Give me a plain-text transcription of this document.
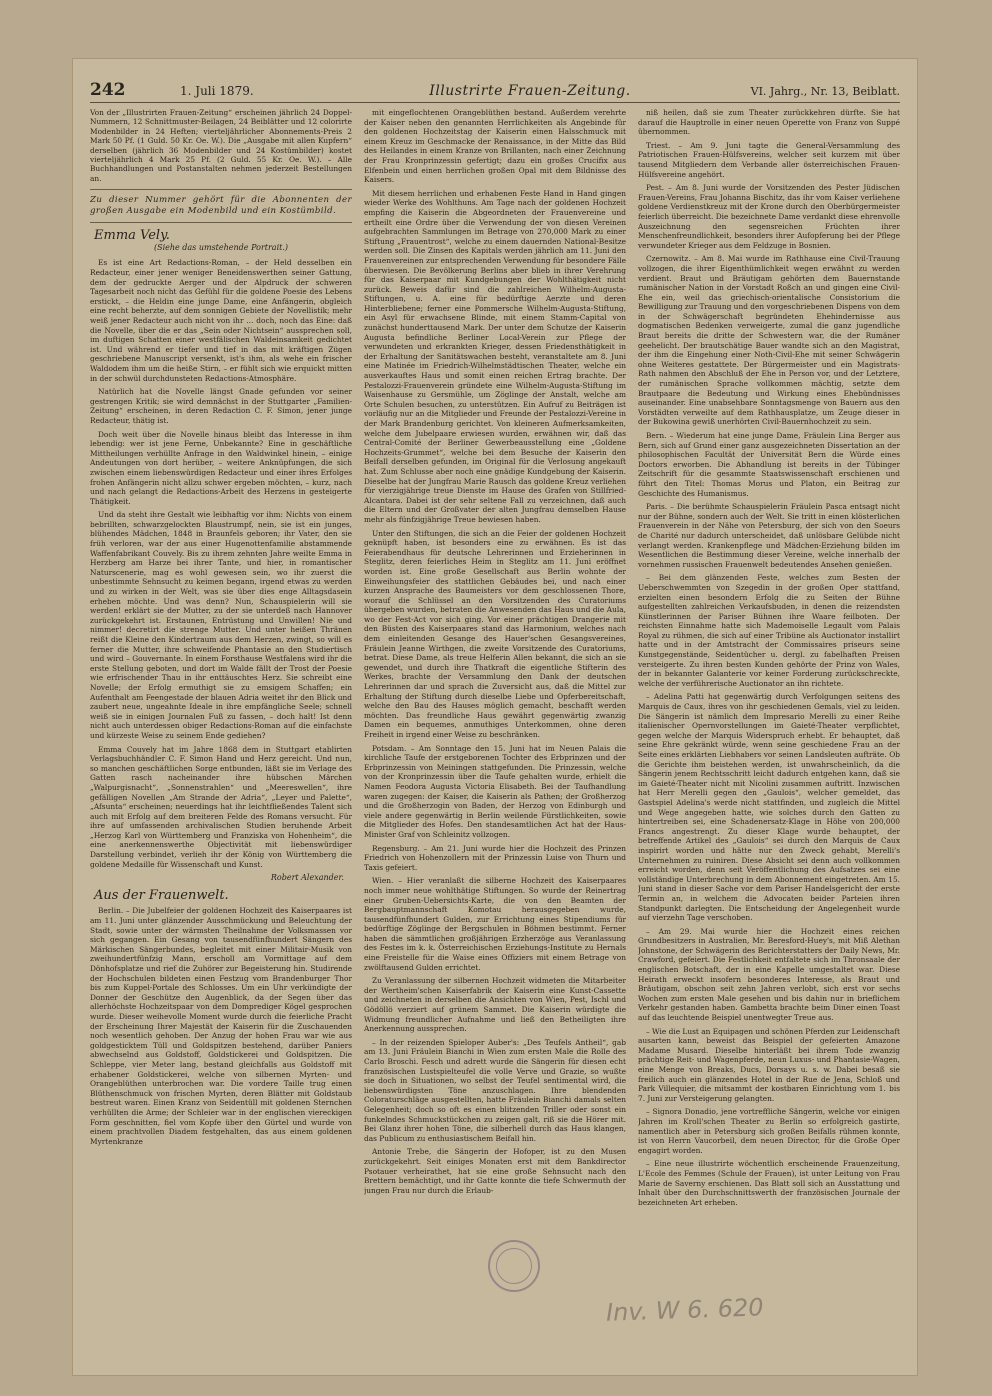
242	1. Juli 1879.	Illustrirte Frauen-Zeitung.	VI. Jahrg., Nr. 13, Beiblatt.

Von der „Illustrirten Frauen-Zeitung“ erscheinen jährlich 24 Doppel-Nummern, 12 Schnittmuster-Beilagen, 24 Beiblätter und 12 colorirte Modenbilder in 24 Heften; vierteljährlicher Abonnements-Preis 2 Mark 50 Pf. (1 Guld. 50 Kr. Oe. W.). Die „Ausgabe mit allen Kupfern“ derselben (jährlich 36 Modenbilder und 24 Kostümbilder) kostet vierteljährlich 4 Mark 25 Pf. (2 Guld. 55 Kr. Oe. W.). – Alle Buchhandlungen und Postanstalten nehmen jederzeit Bestellungen an.

Zu dieser Nummer gehört für die Abonnenten der großen Ausgabe ein Modenbild und ein Kostümbild.
Emma Vely.
(Siehe das umstehende Portrait.)

Es ist eine Art Redactions-Roman, – der Held desselben ein Redacteur, einer jener weniger Beneidenswerthen seiner Gattung, dem der gedruckte Aerger und der Alpdruck der schweren Tagesarbeit noch nicht das Gefühl für die goldene Poesie des Lebens erstickt, – die Heldin eine junge Dame, eine Anfängerin, obgleich eine recht beherzte, auf dem sonnigen Gebiete der Novellistik; mehr weiß jener Redacteur auch nicht von ihr … doch, noch das Eine: daß die Novelle, über die er das „Sein oder Nichtsein“ aussprechen soll, im duftigen Schatten einer westfälischen Waldeinsamkeit gedichtet ist. Und während er tiefer und tief in das mit kräftigen Zügen geschriebene Manuscript versenkt, ist's ihm, als wehe ein frischer Waldodem ihm um die heiße Stirn, – er fühlt sich wie erquickt mitten in der schwül durchdunsteten Redactions-Atmosphäre.

Natürlich hat die Novelle längst Gnade gefunden vor seiner gestrengen Kritik; sie wird demnächst in der Stuttgarter „Familien-Zeitung“ erscheinen, in deren Redaction C. F. Simon, jener junge Redacteur, thätig ist.

Doch weit über die Novelle hinaus bleibt das Interesse in ihm lebendig: wer ist jene Ferne, Unbekannte? Eine in geschäftliche Mittheilungen verhüllte Anfrage in den Waldwinkel hinein, – einige Andeutungen von dort herüber, – weitere Anknüpfungen, die sich zwischen einem liebenswürdigen Redacteur und einer ihres Erfolges frohen Anfängerin nicht allzu schwer ergeben möchten, – kurz, nach und nach gelangt die Redactions-Arbeit des Herzens in gesteigerte Thätigkeit.

Und da steht ihre Gestalt wie leibhaftig vor ihm: Nichts von einem bebrillten, schwarzgelockten Blaustrumpf, nein, sie ist ein junges, blühendes Mädchen, 1848 in Braunfels geboren; ihr Vater, den sie früh verloren, war der aus einer Hugenottenfamilie abstammende Waffenfabrikant Couvely. Bis zu ihrem zehnten Jahre weilte Emma in Herzberg am Harze bei ihrer Tante, und hier, in romantischer Naturscenerie, mag es wohl gewesen sein, wo ihr zuerst die unbestimmte Sehnsucht zu keimen begann, irgend etwas zu werden und zu wirken in der Welt, was sie über dies enge Alltagsdasein erheben möchte. Und was denn? Nun, Schauspielerin will sie werden! erklärt sie der Mutter, zu der sie unterdeß nach Hannover zurückgekehrt ist. Erstaunen, Entrüstung und Unwillen! Nie und nimmer! decretirt die strenge Mutter. Und unter heißen Thränen reißt die Kleine den Kindertraum aus dem Herzen, zwingt, so will es ferner die Mutter, ihre schweifende Phantasie an den Studiertisch und wird – Gouvernante. In einem Forsthause Westfalens wird ihr die erste Stellung geboten, und dort im Walde fällt der Trost der Poesie wie erfrischender Thau in ihr enttäuschtes Herz. Sie schreibt eine Novelle; der Erfolg ermuthigt sie zu emsigem Schaffen; ein Aufenthalt am Feengestade der blauen Adria weitet ihr den Blick und zaubert neue, ungeahnte Ideale in ihre empfängliche Seele; schnell weiß sie in einigen Journalen Fuß zu fassen, – doch halt! Ist denn nicht auch unterdessen obiger Redactions-Roman auf die einfachste und kürzeste Weise zu seinem Ende gediehen?

Emma Couvely hat im Jahre 1868 dem in Stuttgart etablirten Verlagsbuchhändler C. F. Simon Hand und Herz gereicht. Und nun, so manchen geschäftlichen Sorge entbunden, läßt sie im Verlage des Gatten rasch nacheinander ihre hübschen Märchen „Walpurgisnacht“, „Sonnenstrahlen“ und „Meereswellen“, ihre gefälligen Novellen „Am Strande der Adria“, „Leyer und Palette“, „Afsunta“ erscheinen; neuerdings hat ihr leichtfließendes Talent sich auch mit Erfolg auf dem breiteren Felde des Romans versucht. Für ihre auf umfassenden archivalischen Studien beruhende Arbeit „Herzog Karl von Württemberg und Franziska von Hohenheim“, die eine anerkennenswerthe Objectivität mit liebenswürdiger Darstellung verbindet, verlieh ihr der König von Württemberg die goldene Medaille für Wissenschaft und Kunst.

Robert Alexander.
Aus der Frauenwelt.

Berlin. – Die Jubelfeier der goldenen Hochzeit des Kaiserpaares ist am 11. Juni unter glänzender Ausschmückung und Beleuchtung der Stadt, sowie unter der wärmsten Theilnahme der Volksmassen vor sich gegangen. Ein Gesang von tausendfünfhundert Sängern des Märkischen Sängerbundes, begleitet mit einer Militair-Musik von zweihundertfünfzig Mann, erscholl am Vormittage auf dem Dönhofsplatze und rief die Zuhörer zur Begeisterung hin. Studirende der Hochschulen bildeten einen Festzug vom Brandenburger Thor bis zum Kuppel-Portale des Schlosses. Um ein Uhr verkündigte der Donner der Geschütze den Augenblick, da der Segen über das allerhöchste Hochzeitspaar von dem Domprediger Kögel gesprochen wurde. Dieser weihevolle Moment wurde durch die feierliche Pracht der Erscheinung Ihrer Majestät der Kaiserin für die Zuschauenden noch wesentlich gehoben. Der Anzug der hohen Frau war wie aus goldgesticktem Tüll und Goldspitzen bestehend, darüber Paniers abwechselnd aus Goldstoff, Goldstickerei und Goldspitzen. Die Schleppe, vier Meter lang, bestand gleichfalls aus Goldstoff mit erhabener Goldstickerei, welche von silbernen Myrten- und Orangeblüthen unterbrochen war. Die vordere Taille trug einen Blüthenschmuck von frischen Myrten, deren Blätter mit Goldstaub bestreut waren. Einen Kranz von Seidentüll mit goldenen Sternchen verhüllten die Arme; der Schleier war in der englischen viereckigen Form geschnitten, fiel vom Kopfe über den Gürtel und wurde von einem prachtvollen Diadem festgehalten, das aus einem goldenen Myrtenkranze

mit eingeflochtenen Orangeblüthen bestand. Außerdem verehrte der Kaiser neben den genannten Herrlichkeiten als Angebinde für den goldenen Hochzeitstag der Kaiserin einen Halsschmuck mit einem Kreuz im Geschmacke der Renaissance, in der Mitte das Bild des Heilandes in einem Kranze von Brillanten, nach einer Zeichnung der Frau Kronprinzessin gefertigt; dazu ein großes Crucifix aus Elfenbein und einen herrlichen großen Opal mit dem Bildnisse des Kaisers.

Mit diesem herrlichen und erhabenen Feste Hand in Hand gingen wieder Werke des Wohlthuns. Am Tage nach der goldenen Hochzeit empfing die Kaiserin die Abgeordneten der Frauenvereine und ertheilt eine Ordre über die Verwendung der von diesen Vereinen aufgebrachten Sammlungen im Betrage von 270,000 Mark zu einer Stiftung „Frauentrost“, welche zu einem dauernden National-Besitze werden soll. Die Zinsen des Kapitals werden jährlich am 11. Juni den Frauenvereinen zur entsprechenden Verwendung für besondere Fälle überwiesen. Die Bevölkerung Berlins aber blieb in ihrer Verehrung für das Kaiserpaar mit Kundgebungen der Wohlthätigkeit nicht zurück. Beweis dafür sind die zahlreichen Wilhelm-Augusta-Stiftungen, u. A. eine für bedürftige Aerzte und deren Hinterbliebene; ferner eine Pommersche Wilhelm-Augusta-Stiftung, ein Asyl für erwachsene Blinde, mit einem Stamm-Capital von zunächst hunderttausend Mark. Der unter dem Schutze der Kaiserin Augusta befindliche Berliner Local-Verein zur Pflege der verwundeten und erkrankten Krieger, dessen Friedensthätigkeit in der Erhaltung der Sanitätswachen besteht, veranstaltete am 8. Juni eine Matinée im Friedrich-Wilhelmstädtischen Theater, welche ein ausverkauftes Haus und somit einen reichen Ertrag brachte. Der Pestalozzi-Frauenverein gründete eine Wilhelm-Augusta-Stiftung im Waisenhause zu Gersmühle, um Zöglinge der Anstalt, welche am Orte Schulen besuchen, zu unterstützen. Ein Aufruf zu Beiträgen ist vorläufig nur an die Mitglieder und Freunde der Pestalozzi-Vereine in der Mark Brandenburg gerichtet. Von kleineren Aufmerksamkeiten, welche dem Jubelpaare erwiesen wurden, erwähnen wir, daß das Central-Comité der Berliner Gewerbeausstellung eine „Goldene Hochzeits-Grummet“, welche bei dem Besuche der Kaiserin den Beifall derselben gefunden, im Original für die Verlosung angekauft hat. Zum Schlusse aber noch eine gnädige Kundgebung der Kaiserin. Dieselbe hat der Jungfrau Marie Rausch das goldene Kreuz verliehen für vierzigjährige treue Dienste im Hause des Grafen von Stillfried-Alcantara. Dabei ist der sehr seltene Fall zu verzeichnen, daß auch die Eltern und der Großvater der alten Jungfrau demselben Hause mehr als fünfzigjährige Treue bewiesen haben.

Unter den Stiftungen, die sich an die Feier der goldenen Hochzeit geknüpft haben, ist besonders eine zu erwähnen. Es ist das Feierabendhaus für deutsche Lehrerinnen und Erzieherinnen in Steglitz, deren feierliches Heim in Steglitz am 11. Juni eröffnet worden ist. Eine große Gesellschaft aus Berlin wohnte der Einweihungsfeier des stattlichen Gebäudes bei, und nach einer kurzen Ansprache des Baumeisters vor dem geschlossenen Thore, worauf die Schlüssel an den Vorsitzenden des Curatoriums übergeben wurden, betraten die Anwesenden das Haus und die Aula, wo der Fest-Act vor sich ging. Vor einer prächtigen Drangerie mit den Büsten des Kaiserpaares stand das Harmonium, welches nach dem einleitenden Gesange des Hauer'schen Gesangsvereines, Fräulein Jeanne Wirthgen, die zweite Vorsitzende des Curatoriums, betrat. Diese Dame, als treue Helferin Allen bekannt, die sich an sie gewendet, und durch ihre Thatkraft die eigentliche Stifterin des Werkes, brachte der Versammlung den Dank der deutschen Lehrerinnen dar und sprach die Zuversicht aus, daß die Mittel zur Erhaltung der Stiftung durch dieselbe Liebe und Opferbereitschaft, welche den Bau des Hauses möglich gemacht, beschafft werden möchten. Das freundliche Haus gewährt gegenwärtig zwanzig Damen ein bequemes, anmuthiges Unterkommen, ohne deren Freiheit in irgend einer Weise zu beschränken.

Potsdam. – Am Sonntage den 15. Juni hat im Neuen Palais die kirchliche Taufe der erstgeborenen Tochter des Erbprinzen und der Erbprinzessin von Meiningen stattgefunden. Die Prinzessin, welche von der Kronprinzessin über die Taufe gehalten wurde, erhielt die Namen Feodora Augusta Victoria Elisabeth. Bei der Taufhandlung waren zugegen: der Kaiser, die Kaiserin als Pathen; der Großherzog und die Großherzogin von Baden, der Herzog von Edinburgh und viele andere gegenwärtig in Berlin weilende Fürstlichkeiten, sowie die Mitglieder des Hofes. Den standesamtlichen Act hat der Haus-Minister Graf von Schleinitz vollzogen.

Regensburg. – Am 21. Juni wurde hier die Hochzeit des Prinzen Friedrich von Hohenzollern mit der Prinzessin Luise von Thurn und Taxis gefeiert.

Wien. – Hier veranlaßt die silberne Hochzeit des Kaiserpaares noch immer neue wohlthätige Stiftungen. So wurde der Reinertrag einer Gruben-Uebersichts-Karte, die von den Beamten der Bergbauptmannschaft Komotau herausgegeben wurde, tausendfünfhundert Gulden, zur Errichtung eines Stipendiums für bedürftige Zöglinge der Bergschulen in Böhmen bestimmt. Ferner haben die sämmtlichen großjährigen Erzherzöge aus Veranlassung des Festes im k. k. Österreichischen Erziehungs-Institute zu Hernals eine Freistelle für die Waise eines Offiziers mit einem Betrage von zwölftausend Gulden errichtet.

Zu Veranlassung der silbernen Hochzeit widmeten die Mitarbeiter der Wertheim'schen Kaiserfabrik der Kaiserin eine Kunst-Cassette und zeichneten in derselben die Ansichten von Wien, Pest, Ischl und Gödöllö verziert auf grünem Sammet. Die Kaiserin würdigte die Widmung freundlicher Aufnahme und ließ den Betheiligten ihre Anerkennung aussprechen.

– In der reizenden Spieloper Auber's: „Des Teufels Antheil“, gab am 13. Juni Fräulein Bianchi in Wien zum ersten Male die Rolle des Carlo Broschi. Fesch und adrett wurde die Sängerin für diesen echt französischen Lustspielteufel die volle Verve und Grazie, so wußte sie doch in Situationen, wo selbst der Teufel sentimental wird, die liebenswürdigsten Töne anzuschlagen. Ihre blendenden Coloraturschläge ausgestellten, hatte Fräulein Bianchi damals selten Gelegenheit; doch so oft es einen blitzenden Triller oder sonst ein funkelndes Schmuckstückchen zu zeigen galt, riß sie die Hörer mit. Bei Glanz ihrer hohen Töne, die silberhell durch das Haus klangen, das Publicum zu enthusiastischem Beifall hin.

Antonie Trebe, die Sängerin der Hofoper, ist zu den Musen zurückgekehrt. Seit einiges Monaten erst mit dem Bankdirector Psotauer verheirathet, hat sie eine große Sehnsucht nach den Brettern bemächtigt, und ihr Gatte konnte die tiefe Schwermuth der jungen Frau nur durch die Erlaub-

niß heilen, daß sie zum Theater zurückkehren dürfte. Sie hat darauf die Hauptrolle in einer neuen Operette von Franz von Suppé übernommen.

Triest. – Am 9. Juni tagte die General-Versammlung des Patriotischen Frauen-Hülfsvereins, welcher seit kurzem mit über tausend Mitgliedern dem Verbande aller österreichischen Frauen-Hülfsvereine angehört.

Pest. – Am 8. Juni wurde der Vorsitzenden des Pester Jüdischen Frauen-Vereins, Frau Johanna Bischitz, das ihr vom Kaiser verliehene goldene Verdienstkreuz mit der Krone durch den Oberbürgermeister feierlich überreicht. Die bezeichnete Dame verdankt diese ehrenvolle Auszeichnung den segensreichen Früchten ihrer Menschenfreundlichkeit, besonders ihrer Aufopferung bei der Pflege verwundeter Krieger aus dem Feldzuge in Bosnien.

Czernowitz. – Am 8. Mai wurde im Rathhause eine Civil-Trauung vollzogen, die ihrer Eigenthümlichkeit wegen erwähnt zu werden verdient. Braut und Bräutigam gehörten dem Bauernstande rumänischer Nation in der Vorstadt Roßch an und gingen eine Civil-Ehe ein, weil das griechisch-orientalische Consistorium die Bewilligung zur Trauung und den vorgeschriebenen Dispens von dem in der Schwägerschaft begründeten Ehehindernisse aus dogmatischen Bedenken verweigerte, zumal die ganz jugendliche Braut bereits die dritte der Schwestern war, die der Rumäner geehelicht. Der brautschätige Bauer wandte sich an den Magistrat, der ihm die Eingehung einer Noth-Civil-Ehe mit seiner Schwägerin ohne Weiteres gestattete. Der Bürgermeister und ein Magistrats-Rath nahmen den Abschluß der Ehe in Person vor, und der Letztere, der rumänischen Sprache vollkommen mächtig, setzte dem Brautpaare die Bedeutung und Wirkung eines Ehebündnisses auseinander. Eine unabsehbare Sonntagsmenge von Bauern aus den Vorstädten verweilte auf dem Rathhausplatze, um Zeuge dieser in der Bukowina gewiß unerhörten Civil-Bauernhochzeit zu sein.

Bern. – Wiederum hat eine junge Dame, Fräulein Lina Berger aus Bern, sich auf Grund einer ganz ausgezeichneten Dissertation an der philosophischen Facultät der Universität Bern die Würde eines Doctors erworben. Die Abhandlung ist bereits in der Tübinger Zeitschrift für die gesammte Staatswissenschaft erschienen und führt den Titel: Thomas Morus und Platon, ein Beitrag zur Geschichte des Humanismus.

Paris. – Die berühmte Schauspielerin Fräulein Pasca entsagt nicht nur der Bühne, sondern auch der Welt. Sie tritt in einen klösterlichen Frauenverein in der Nähe von Petersburg, der sich von den Soeurs de Charité nur dadurch unterscheidet, daß unlösbare Gelübde nicht verlangt werden. Krankenpflege und Mädchen-Erziehung bilden im Wesentlichen die Bestimmung dieser Vereine, welche innerhalb der vornehmen russischen Frauenwelt bedeutendes Ansehen genießen.

– Bei dem glänzenden Feste, welches zum Besten der Ueberschwemmten von Szegedin in der großen Oper stattfand, erzielten einen besondern Erfolg die zu Seiten der Bühne aufgestellten zahlreichen Verkaufsbuden, in denen die reizendsten Künstlerinnen der Pariser Bühnen ihre Waare feilboten. Der reichsten Einnahme hatte sich Mademoiselle Legault vom Palais Royal zu rühmen, die sich auf einer Tribüne als Auctionator installirt hatte und in der Amtstracht der Commissaires priseurs seine Kunstgegenstände, Seidentücher u. dergl. zu fabelhaften Preisen versteigerte. Zu ihren besten Kunden gehörte der Prinz von Wales, der in bekannter Galanterie vor keiner Forderung zurückschreckte, welche der verführerische Auctionator an ihn richtete.

– Adelina Patti hat gegenwärtig durch Verfolgungen seitens des Marquis de Caux, ihres von ihr geschiedenen Gemals, viel zu leiden. Die Sängerin ist nämlich dem Impresario Merelli zu einer Reihe italienischer Opernvorstellungen im Gaieté-Theater verpflichtet, gegen welche der Marquis Widerspruch erhebt. Er behauptet, daß seine Ehre gekränkt würde, wenn seine geschiedene Frau an der Seite eines erklärten Liebhabers vor seinen Landsleuten aufträte. Ob die Gerichte ihm beistehen werden, ist unwahrscheinlich, da die Sängerin jenem Rechtsschritt leicht dadurch entgehen kann, daß sie im Gaieté-Theater nicht mit Nicolini zusammen auftritt. Inzwischen hat Herr Merelli gegen den „Gaulois“, welcher gemeldet, das Gastspiel Adelina's werde nicht stattfinden, und zugleich die Mittel und Wege angegeben hatte, wie solches durch den Gatten zu hintertreiben sei, eine Schadenersatz-Klage in Höhe von 200,000 Francs angestrengt. Zu dieser Klage wurde behauptet, der betreffende Artikel des „Gaulois“ sei durch den Marquis de Caux inspirirt worden und hätte nur den Zweck gehabt, Merelli's Unternehmen zu ruiniren. Diese Absicht sei denn auch vollkommen erreicht worden, denn seit Veröffentlichung des Aufsatzes sei eine vollständige Unterbrechung in dem Abonnement eingetreten. Am 15. Juni stand in dieser Sache vor dem Pariser Handelsgericht der erste Termin an, in welchem die Advocaten beider Parteien ihren Standpunkt darlegten. Die Entscheidung der Angelegenheit wurde auf vierzehn Tage verschoben.

– Am 29. Mai wurde hier die Hochzeit eines reichen Grundbesitzers in Australien, Mr. Beresford-Huey's, mit Miß Alethan Johnstone, der Schwägerin des Berichterstatters der Daily News, Mr. Crawford, gefeiert. Die Festlichkeit entfaltete sich im Thronsaale der englischen Botschaft, der in eine Kapelle umgestaltet war. Diese Heirath erweckt insofern besonderes Interesse, als Braut und Bräutigam, obschon seit zehn Jahren verlobt, sich erst vor sechs Wochen zum ersten Male gesehen und bis dahin nur in brieflichem Verkehr gestanden haben. Gambetta brachte beim Diner einen Toast auf das leuchtende Beispiel unentwegter Treue aus.

– Wie die Lust an Equipagen und schönen Pferden zur Leidenschaft ausarten kann, beweist das Beispiel der gefeierten Amazone Madame Musard. Dieselbe hinterläßt bei ihrem Tode zwanzig prächtige Reit- und Wagenpferde, neun Luxus- und Phantasie-Wagen, eine Menge von Breaks, Ducs, Dorsays u. s. w. Dabei besaß sie freilich auch ein glänzendes Hotel in der Rue de Jena, Schloß und Park Villequier, die mitsammt der kostbaren Einrichtung vom 1. bis 7. Juni zur Versteigerung gelangten.

– Signora Donadio, jene vortreffliche Sängerin, welche vor einigen Jahren im Kroll'schen Theater zu Berlin so erfolgreich gastirte, namentlich aber in Petersburg sich großen Beifalls rühmen konnte, ist von Herrn Vaucorbeil, dem neuen Director, für die Große Oper engagirt worden.

– Eine neue illustrirte wöchentlich erscheinende Frauenzeitung, L'Ecole des Femmes (Schule der Frauen), ist unter Leitung von Frau Marie de Saverny erschienen. Das Blatt soll sich an Ausstattung und Inhalt über den Durchschnittswerth der französischen Journale der bezeichneten Art erheben.

Inv. W 6. 620
